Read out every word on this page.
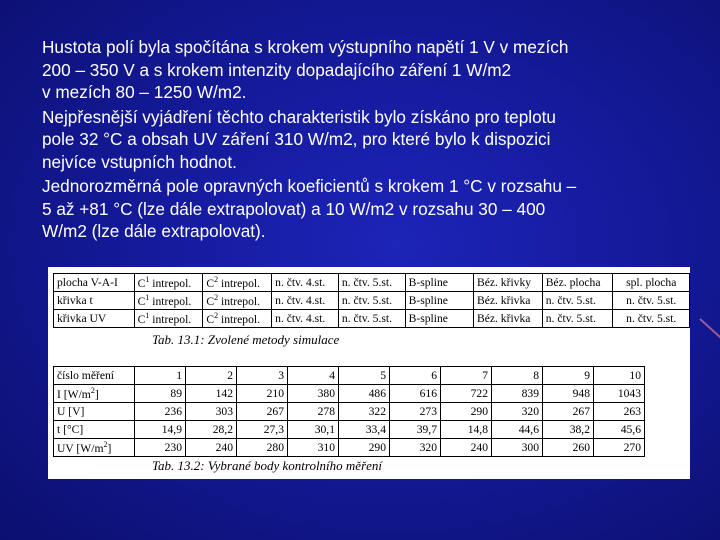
Hustota polí byla spočítána s krokem výstupního napětí 1 V v mezích
200 – 350 V a s krokem intenzity dopadajícího záření 1 W/m2
v mezích 80 – 1250 W/m2.
Nejpřesnější vyjádření těchto charakteristik bylo získáno pro teplotu
pole 32 °C a obsah UV záření 310 W/m2, pro které bylo k dispozici
nejvíce vstupních hodnot.
Jednorozměrná pole opravných koeficientů s krokem 1 °C v rozsahu –
5 až +81 °C (lze dále extrapolovat) a 10 W/m2 v rozsahu 30 – 400
W/m2 (lze dále extrapolovat).
plocha V-A-I	$C^1$ intrepol.	$C^2$ intrepol.	n. čtv. 4.st.	n. čtv. 5.st.	B-spline	Béz. křivky	Béz. plocha	spl. plocha
křivka t	$C^1$ intrepol.	$C^2$ intrepol.	n. čtv. 4.st.	n. čtv. 5.st.	B-spline	Béz. křivka	n. čtv. 5.st.	n. čtv. 5.st.
křivka UV	$C^1$ intrepol.	$C^2$ intrepol.	n. čtv. 4.st.	n. čtv. 5.st.	B-spline	Béz. křivka	n. čtv. 5.st.	n. čtv. 5.st.
Tab. 13.1: Zvolené metody simulace
číslo měření	1	2	3	4	5	6	7	8	9	10
I $[W/m^2]$	89	142	210	380	486	616	722	839	948	1043
U [V]	236	303	267	278	322	273	290	320	267	263
t [°C]	14,9	28,2	27,3	30,1	33,4	39,7	14,8	44,6	38,2	45,6
UV $[W/m^2]$	230	240	280	310	290	320	240	300	260	270
Tab. 13.2: Vybrané body kontrolního měření
